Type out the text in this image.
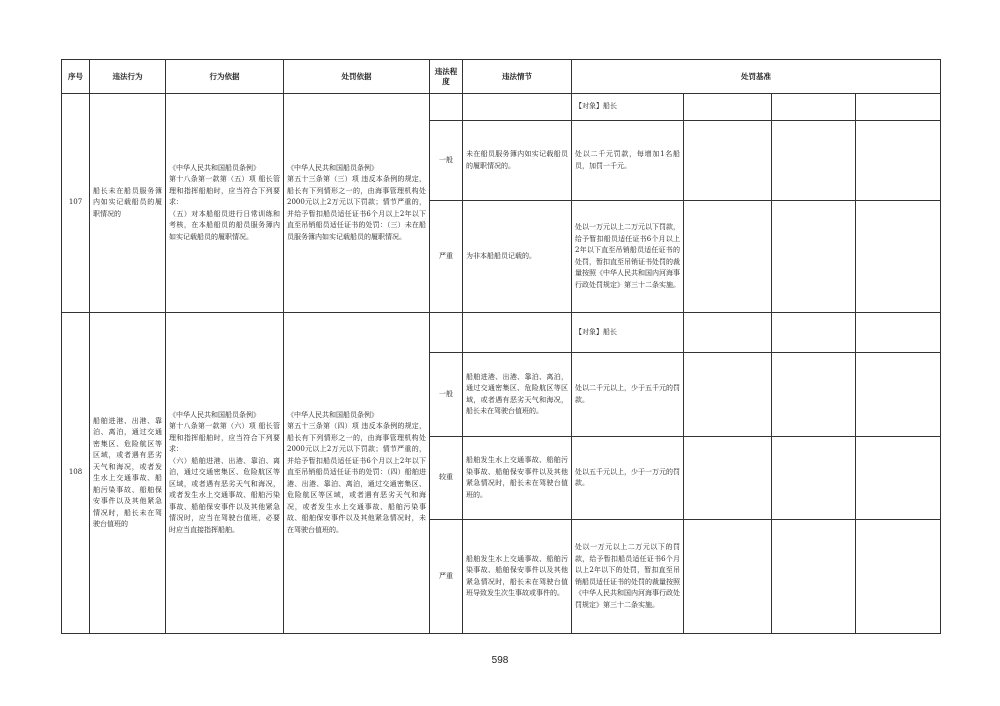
序号	违法行为	行为依据	处罚依据	违法程度	违法情节	处罚基准			
107	船长未在船员服务簿内如实记载船员的履职情况的	《中华人民共和国船员条例》
第十八条第一款第（五）项 船长管理和指挥船舶时，应当符合下列要求：
（五）对本船船员进行日常训练和考核，在本船船员的船员服务簿内如实记载船员的履职情况。	《中华人民共和国船员条例》
第五十三条第（三）项 违反本条例的规定，船长有下列情形之一的，由海事管理机构处2000元以上2万元以下罚款；情节严重的，并给予暂扣船员适任证书6个月以上2年以下直至吊销船员适任证书的处罚：（三）未在船员服务簿内如实记载船员的履职情况。			【对象】船长			
				一般	未在船员服务簿内如实记载船员的履职情况的。	处以二千元罚款，每增加1名船员，加罚一千元。			
				严重	为非本船船员记载的。	处以一万元以上二万元以下罚款，给予暂扣船员适任证书6个月以上2年以下直至吊销船员适任证书的处罚，暂扣直至吊销证书处罚的裁量按照《中华人民共和国内河海事行政处罚规定》第三十二条实施。			
108	船舶进港、出港、靠泊、离泊，通过交通密集区、危险航区等区域，或者遇有恶劣天气和海况，或者发生水上交通事故、船舶污染事故、船舶保安事件以及其他紧急情况时，船长未在驾驶台值班的	《中华人民共和国船员条例》
第十八条第一款第（六）项 船长管理和指挥船舶时，应当符合下列要求：
（六）船舶进港、出港、靠泊、离泊，通过交通密集区、危险航区等区域，或者遇有恶劣天气和海况，或者发生水上交通事故、船舶污染事故、船舶保安事件以及其他紧急情况时，应当在驾驶台值班，必要时应当直接指挥船舶。	《中华人民共和国船员条例》
第五十三条第（四）项 违反本条例的规定，船长有下列情形之一的，由海事管理机构处2000元以上2万元以下罚款；情节严重的，并给予暂扣船员适任证书6个月以上2年以下直至吊销船员适任证书的处罚：（四）船舶进港、出港、靠泊、离泊，通过交通密集区、危险航区等区域，或者遇有恶劣天气和海况，或者发生水上交通事故、船舶污染事故、船舶保安事件以及其他紧急情况时，未在驾驶台值班的。			【对象】船长			
				一般	船舶进港、出港、靠泊、离泊，通过交通密集区、危险航区等区域，或者遇有恶劣天气和海况，船长未在驾驶台值班的。	处以二千元以上，少于五千元的罚款。			
				较重	船舶发生水上交通事故、船舶污染事故、船舶保安事件以及其他紧急情况时，船长未在驾驶台值班的。	处以五千元以上，少于一万元的罚款。			
				严重	船舶发生水上交通事故、船舶污染事故、船舶保安事件以及其他紧急情况时，船长未在驾驶台值班导致发生次生事故或事件的。	处以一万元以上二万元以下的罚款，给予暂扣船员适任证书6个月以上2年以下的处罚，暂扣直至吊销船员适任证书的处罚的裁量按照《中华人民共和国内河海事行政处罚规定》第三十二条实施。			
598
